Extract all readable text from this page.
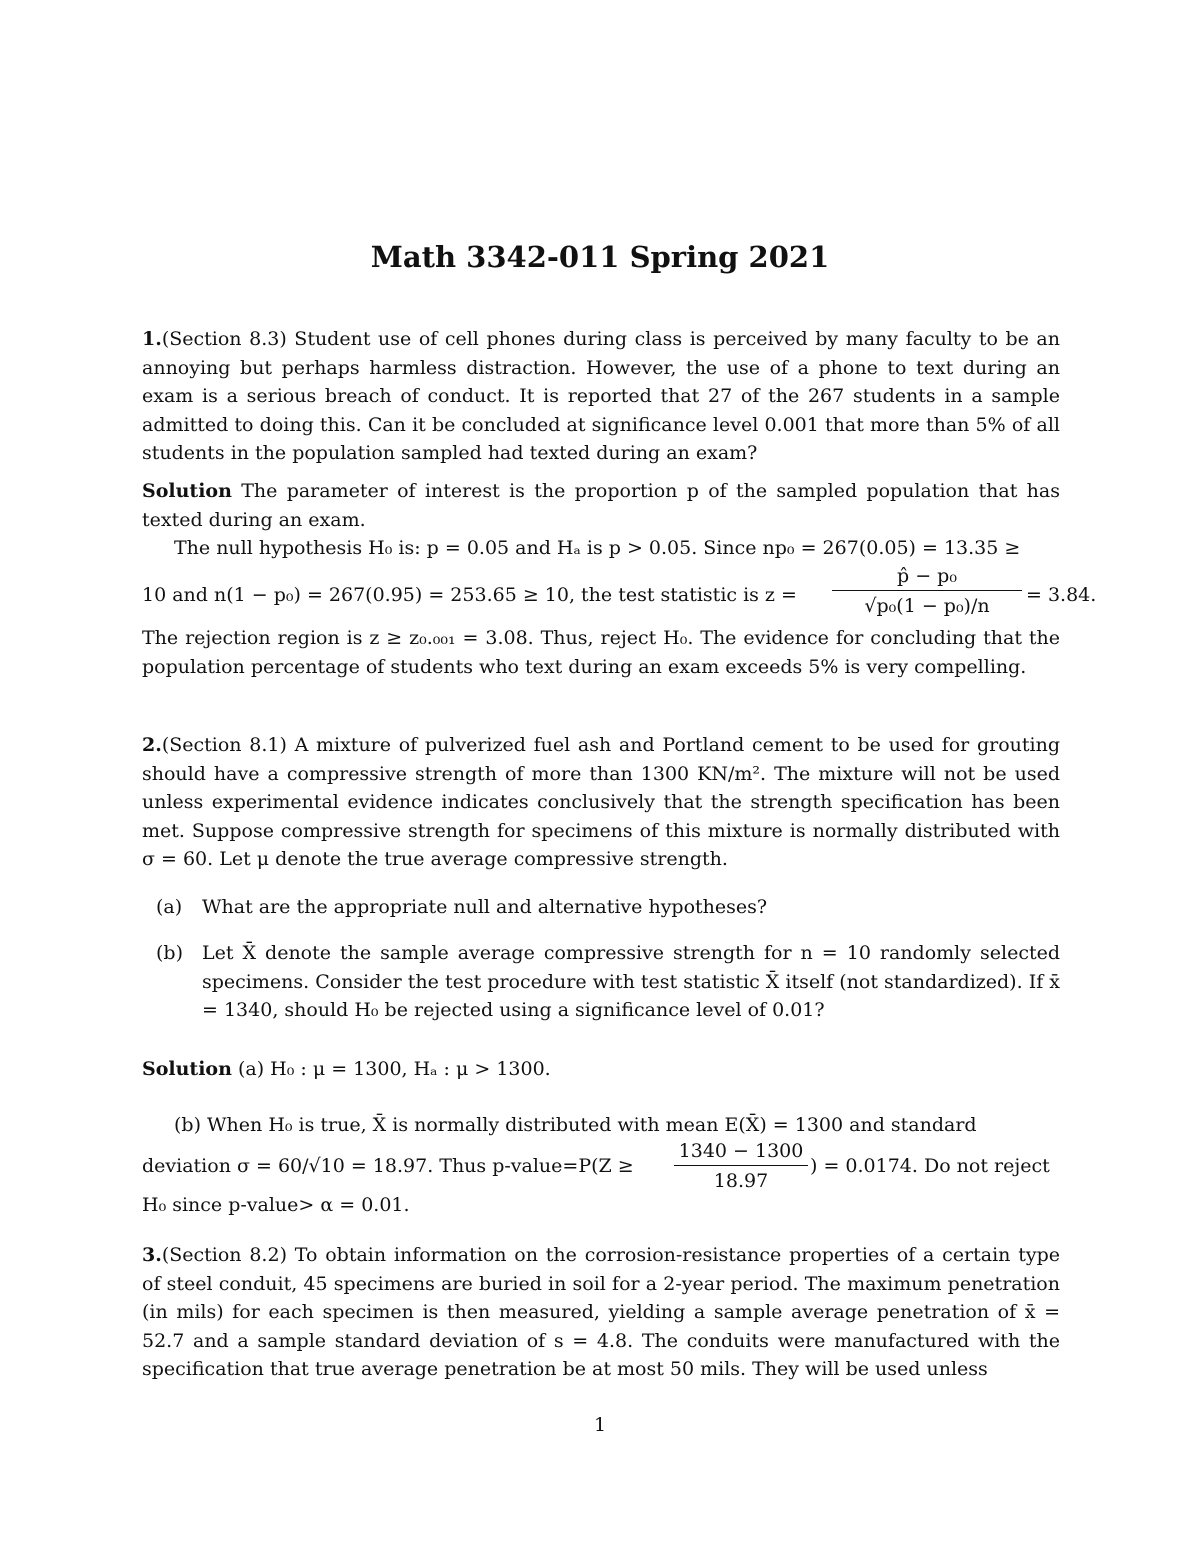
Math 3342-011 Spring 2021
1.(Section 8.3) Student use of cell phones during class is perceived by many faculty to be an annoying but perhaps harmless distraction. However, the use of a phone to text during an exam is a serious breach of conduct. It is reported that 27 of the 267 students in a sample admitted to doing this. Can it be concluded at significance level 0.001 that more than 5% of all students in the population sampled had texted during an exam?
Solution The parameter of interest is the proportion p of the sampled population that has texted during an exam.
The null hypothesis H₀ is: p = 0.05 and Hₐ is p > 0.05. Since np₀ = 267(0.05) = 13.35 ≥
10 and n(1 − p₀) = 267(0.95) = 253.65 ≥ 10, the test statistic is $z = \frac{\text{p̂ − p₀}}{\text{√p₀(1 − p₀)/n}} = 3.84$.
The rejection region is z ≥ z₀.₀₀₁ = 3.08. Thus, reject H₀. The evidence for concluding that the population percentage of students who text during an exam exceeds 5% is very compelling.
2.(Section 8.1) A mixture of pulverized fuel ash and Portland cement to be used for grouting should have a compressive strength of more than 1300 KN/m². The mixture will not be used unless experimental evidence indicates conclusively that the strength specification has been met. Suppose compressive strength for specimens of this mixture is normally distributed with σ = 60. Let μ denote the true average compressive strength.
(a) What are the appropriate null and alternative hypotheses?
(b) Let X̄ denote the sample average compressive strength for n = 10 randomly selected specimens. Consider the test procedure with test statistic X̄ itself (not standardized). If x̄ = 1340, should H₀ be rejected using a significance level of 0.01?
Solution (a) H₀ : μ = 1300, Hₐ : μ > 1300.
(b) When H₀ is true, X̄ is normally distributed with mean E(X̄) = 1300 and standard
deviation σ = 60/√10 = 18.97. Thus p-value=P(Z ≥ $\frac{1340 - 1300}{18.97}$ ) = 0.0174. Do not reject
H₀ since p-value> α = 0.01.
3.(Section 8.2) To obtain information on the corrosion-resistance properties of a certain type of steel conduit, 45 specimens are buried in soil for a 2-year period. The maximum penetration (in mils) for each specimen is then measured, yielding a sample average penetration of x̄ = 52.7 and a sample standard deviation of s = 4.8. The conduits were manufactured with the specification that true average penetration be at most 50 mils. They will be used unless
1
